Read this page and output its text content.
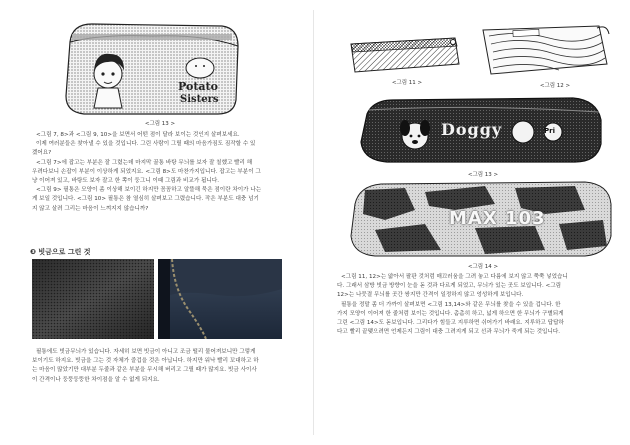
Potato
Sisters
<그림 13 >

<그림 7, 8>과 <그림 9, 10>을 보면서 어떤 점이 달라 보이는 것인지 살펴보세요.

이제 여러분들은 찾아낼 수 있을 것입니다. 그린 사람이 그릴 때의 마음가짐도 짐작할 수 있

겠어요?

<그림 7>에 잡고는 부분은 잘 그렸는데 마지막 꿀통 바탕 무늬를 보자 잘 칠했고 빨리 해

우려다보니 손잡이 부분이 이상하게 되었지요. <그림 8>도 마찬가지입니다. 잡고는 부분이 그

냥 이어져 있고, 바탕도 보자 잘고 한 쪽이 둥그니 이때 그림과 비교가 됩니다.

<그림 9> 필통은 모양이 좀 이상해 보이긴 하지만 꼼꼼하고 알뜰해 묵은 점이란 차이가 나는

게 보일 것입니다. <그림 10> 필통은 참 열심히 살펴보고 그렸습니다. 작은 부분도 대충 넘기

지 않고 살려 그리는 마음이 느껴지지 않습니까?

❸ 빗금으로 그린 것

필통에도 빗금무늬가 있습니다. 자세히 보면 빗금이 아니고 조금 떨리 물어져보니만 그렇게

보이기도 하지요. 빗금을 그는 것 자체가 즐겁을 것은 아닙니다. 하지만 워낙 빨리 꼬대하고 하

는 마음이 많았기만 대부분 두줄과 같은 부분을 무시해 버리고 그릴 때가 많지요. 빗금 사이사

이 간격이나 둥뚱둥뚱한 차이점을 알 수 없게 되지요.

<그림 11 >	<그림 12 >
Doggy	Pri
<그림 13 >
MAX 103
<그림 14 >

<그림 11, 12>는 얇아서 팔판 것처럼 매끄러움을 그려 놓고 다름에 보지 않고 쭉쭉 넣었습니

다. 그래서 삼방 빗금 방향이 눈을 돋 것과 다르게 되었고, 무늬가 있는 곳도 보입니다. <그림

12>는 나뭇결 무늬를 곳간 쌍지만 간격이 일정하지 않고 엉성하게 보입니다.

필통을 정말 좀 더 가까이 살펴보면 <그림 13,14>와 같은 무늬를 찾을 수 있을 겁니다. 한

가지 모양이 이어져 한 줄처럼 보이는 것입니다. 촘촘히 하고, 넓게 하으면 한 무늬가 구별되게

그린 <그림 14>도 돋보입니다. 그리다가 힘들고 지루하면 쉬어가기 바래요. 지루하고 답답하

다고 빨리 끝맺으려면 언제든지 그림이 대충 그려지게 되고 선과 무늬가 죽게 되는 것입니다.
